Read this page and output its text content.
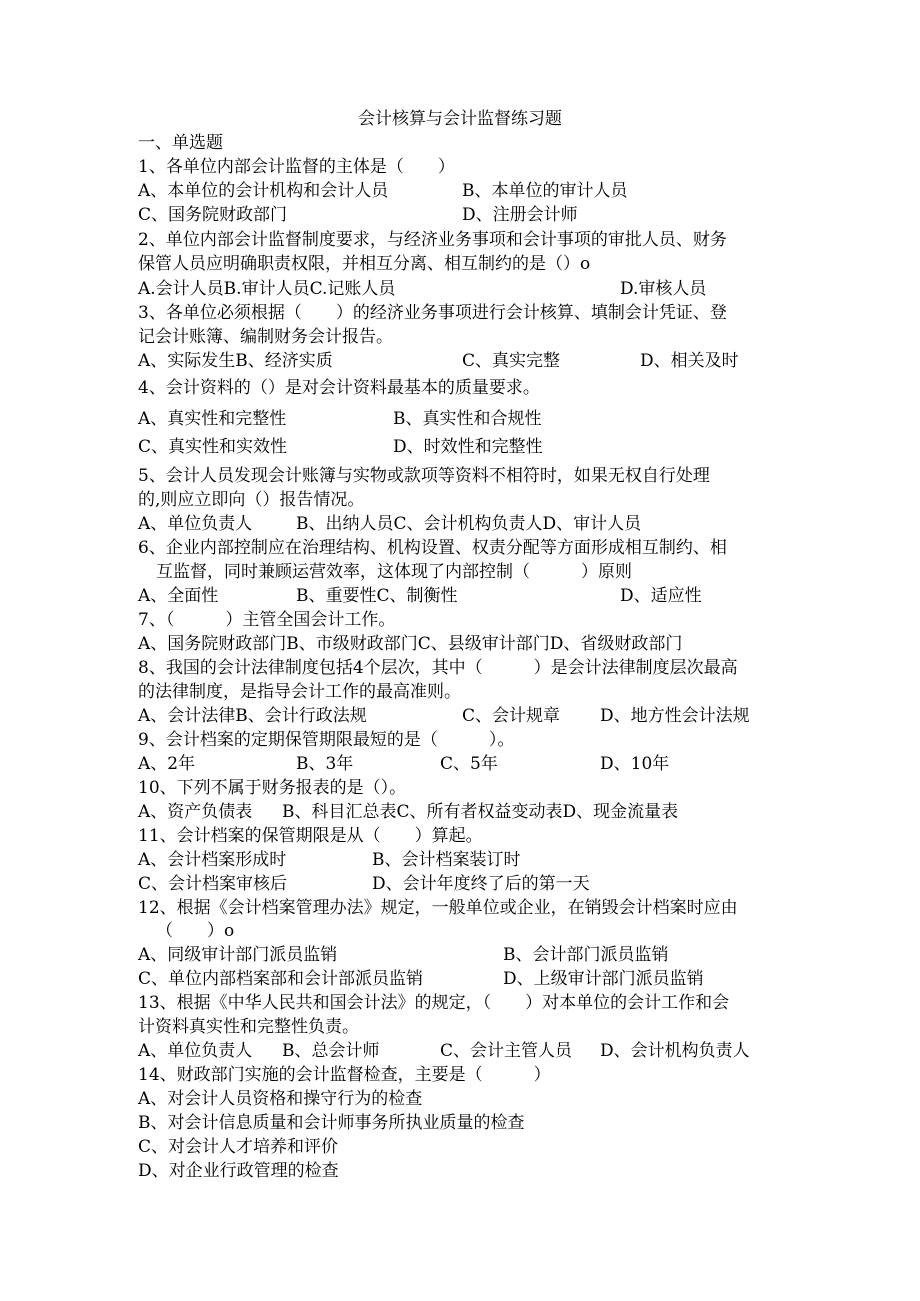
会计核算与会计监督练习题
一、单选题
1、各单位内部会计监督的主体是（　　）
A、本单位的会计机构和会计人员	B、本单位的审计人员
C、国务院财政部门	D、注册会计师
2、单位内部会计监督制度要求，与经济业务事项和会计事项的审批人员、财务
保管人员应明确职责权限，并相互分离、相互制约的是（）o
A.会计人员B.审计人员C.记账人员	D.审核人员
3、各单位必须根据（　　）的经济业务事项进行会计核算、填制会计凭证、登
记会计账簿、编制财务会计报告。
A、实际发生B、经济实质	C、真实完整	D、相关及时
4、会计资料的（）是对会计资料最基本的质量要求。
A、真实性和完整性	B、真实性和合规性
C、真实性和实效性	D、时效性和完整性
5、会计人员发现会计账簿与实物或款项等资料不相符时，如果无权自行处理
的,则应立即向（）报告情况。
A、单位负责人	B、出纳人员C、会计机构负责人D、审计人员
6、企业内部控制应在治理结构、机构设置、权责分配等方面形成相互制约、相
互监督，同时兼顾运营效率，这体现了内部控制（　　　）原则
A、全面性	B、重要性C、制衡性	D、适应性
7、（　　　）主管全国会计工作。
A、国务院财政部门B、市级财政部门C、县级审计部门D、省级财政部门
8、我国的会计法律制度包括4个层次，其中（　　　）是会计法律制度层次最高
的法律制度，是指导会计工作的最高准则。
A、会计法律B、会计行政法规	C、会计规章 D、地方性会计法规
9、会计档案的定期保管期限最短的是（　　　）。
A、2年	B、3年	C、5年	D、10年
10、下列不属于财务报表的是（）。
A、资产负债表 B、科目汇总表C、所有者权益变动表D、现金流量表
11、会计档案的保管期限是从（　　）算起。
A、会计档案形成时	B、会计档案装订时
C、会计档案审核后	D、会计年度终了后的第一天
12、根据《会计档案管理办法》规定，一般单位或企业，在销毁会计档案时应由
（　　）o
A、同级审计部门派员监销	B、会计部门派员监销
C、单位内部档案部和会计部派员监销	D、上级审计部门派员监销
13、根据《中华人民共和国会计法》的规定，（　　）对本单位的会计工作和会
计资料真实性和完整性负责。
A、单位负责人 B、总会计师	C、会计主管人员 D、会计机构负责人
14、财政部门实施的会计监督检查，主要是（　　　）
A、对会计人员资格和操守行为的检查
B、对会计信息质量和会计师事务所执业质量的检查
C、对会计人才培养和评价
D、对企业行政管理的检查
